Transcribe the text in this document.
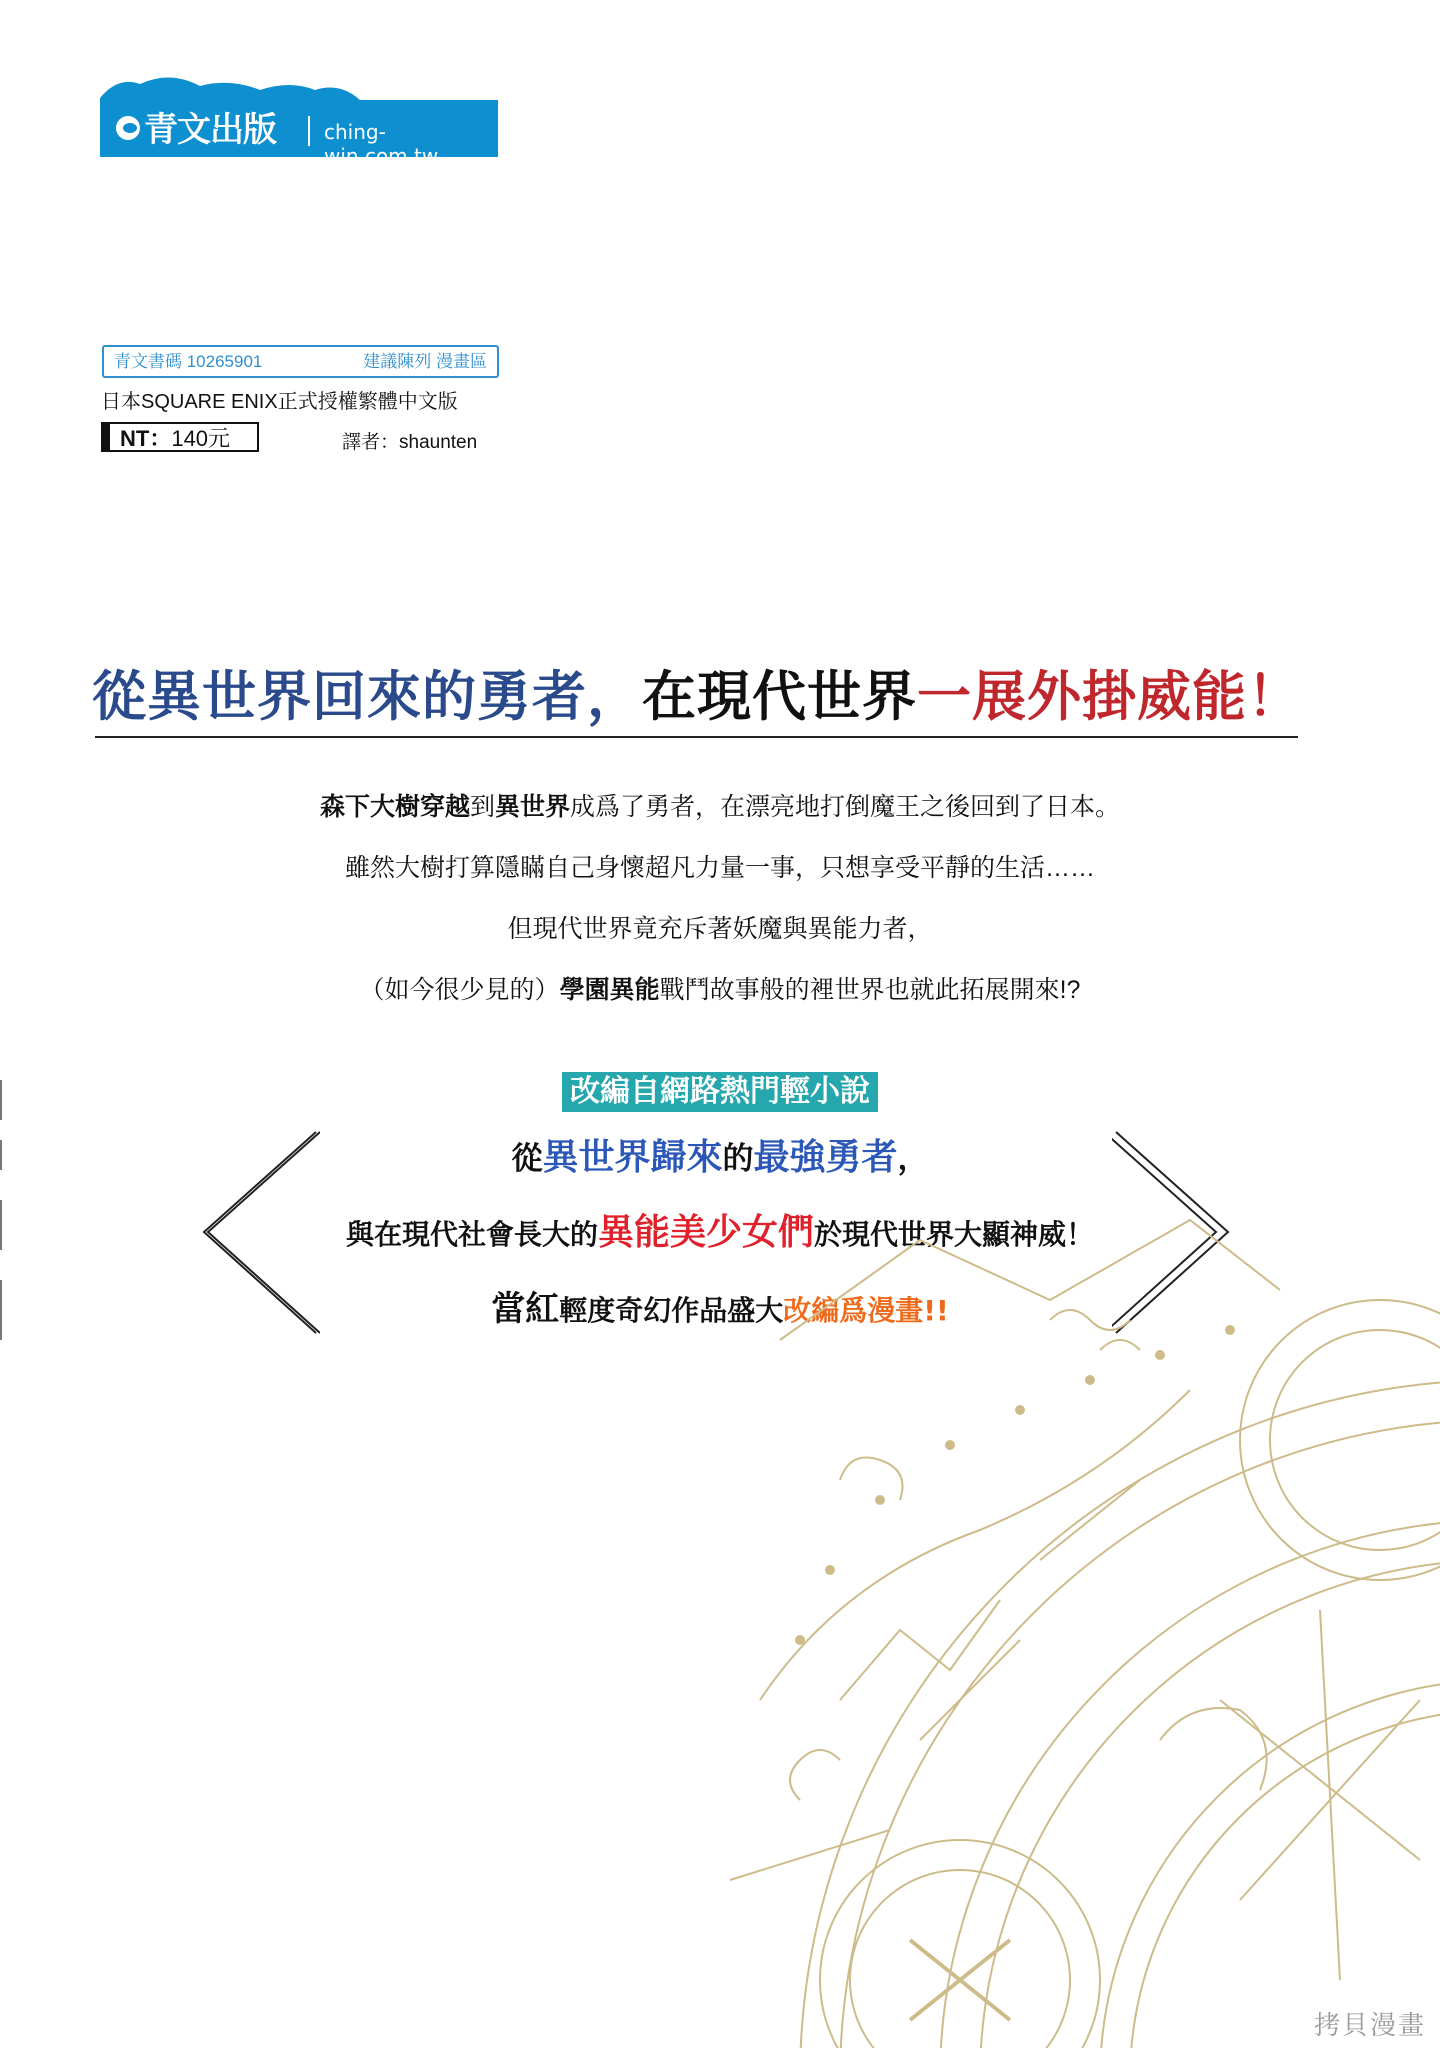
青文出版 ching-win.com.tw
青文書碼 10265901	建議陳列 漫畫區
日本SQUARE ENIX正式授權繁體中文版
NT：140元	譯者：shaunten
從異世界回來的勇者，在現代世界一展外掛威能！
森下大樹穿越到異世界成爲了勇者，在漂亮地打倒魔王之後回到了日本。
雖然大樹打算隱瞞自己身懷超凡力量一事，只想享受平靜的生活……
但現代世界竟充斥著妖魔與異能力者，
（如今很少見的）學園異能戰鬥故事般的裡世界也就此拓展開來!?
改編自網路熱門輕小說
從異世界歸來的最強勇者，
與在現代社會長大的異能美少女們於現代世界大顯神威！
當紅輕度奇幻作品盛大改編爲漫畫!!
拷貝漫畫
